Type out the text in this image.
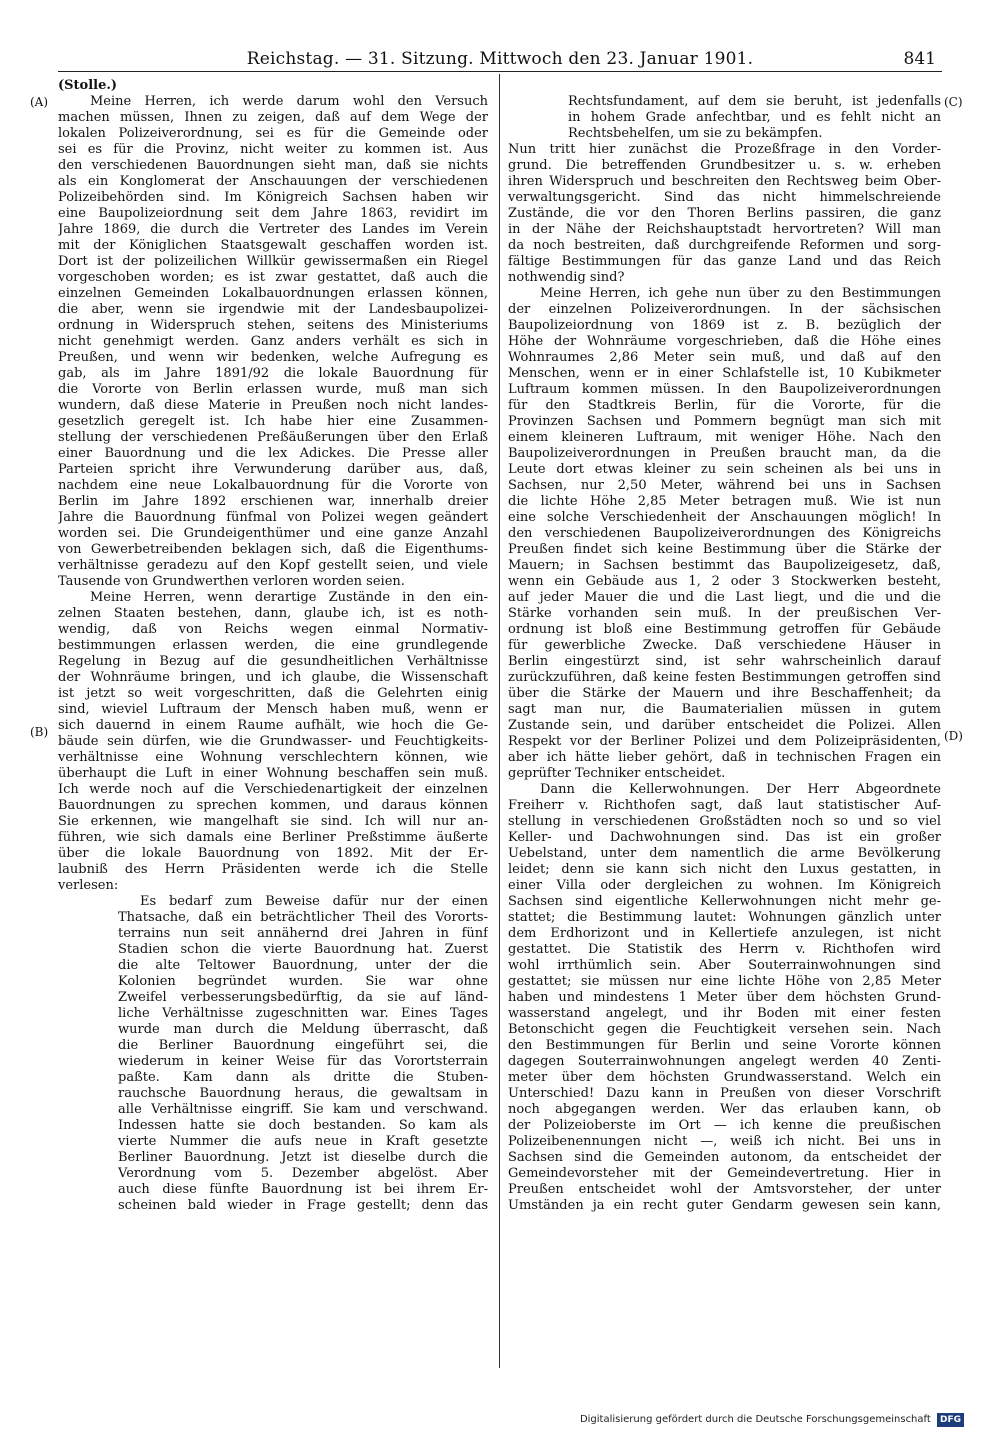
Reichstag. — 31. Sitzung. Mittwoch den 23. Januar 1901.	841
(A)
(B)
(C)
(D)
(Stolle.)
Meine Herren, ich werde darum wohl den Versuch
machen müssen, Ihnen zu zeigen, daß auf dem Wege der
lokalen Polizeiverordnung, sei es für die Gemeinde oder
sei es für die Provinz, nicht weiter zu kommen ist. Aus
den verschiedenen Bauordnungen sieht man, daß sie nichts
als ein Konglomerat der Anschauungen der verschiedenen
Polizeibehörden sind. Im Königreich Sachsen haben wir
eine Baupolizeiordnung seit dem Jahre 1863, revidirt im
Jahre 1869, die durch die Vertreter des Landes im Verein
mit der Königlichen Staatsgewalt geschaffen worden ist.
Dort ist der polizeilichen Willkür gewissermaßen ein Riegel
vorgeschoben worden; es ist zwar gestattet, daß auch die
einzelnen Gemeinden Lokalbauordnungen erlassen können,
die aber, wenn sie irgendwie mit der Landesbaupolizei-
ordnung in Widerspruch stehen, seitens des Ministeriums
nicht genehmigt werden. Ganz anders verhält es sich in
Preußen, und wenn wir bedenken, welche Aufregung es
gab, als im Jahre 1891/92 die lokale Bauordnung für
die Vororte von Berlin erlassen wurde, muß man sich
wundern, daß diese Materie in Preußen noch nicht landes-
gesetzlich geregelt ist. Ich habe hier eine Zusammen-
stellung der verschiedenen Preßäußerungen über den Erlaß
einer Bauordnung und die lex Adickes. Die Presse aller
Parteien spricht ihre Verwunderung darüber aus, daß,
nachdem eine neue Lokalbauordnung für die Vororte von
Berlin im Jahre 1892 erschienen war, innerhalb dreier
Jahre die Bauordnung fünfmal von Polizei wegen geändert
worden sei. Die Grundeigenthümer und eine ganze Anzahl
von Gewerbetreibenden beklagen sich, daß die Eigenthums-
verhältnisse geradezu auf den Kopf gestellt seien, und viele
Tausende von Grundwerthen verloren worden seien.
Meine Herren, wenn derartige Zustände in den ein-
zelnen Staaten bestehen, dann, glaube ich, ist es noth-
wendig, daß von Reichs wegen einmal Normativ-
bestimmungen erlassen werden, die eine grundlegende
Regelung in Bezug auf die gesundheitlichen Verhältnisse
der Wohnräume bringen, und ich glaube, die Wissenschaft
ist jetzt so weit vorgeschritten, daß die Gelehrten einig
sind, wieviel Luftraum der Mensch haben muß, wenn er
sich dauernd in einem Raume aufhält, wie hoch die Ge-
bäude sein dürfen, wie die Grundwasser- und Feuchtigkeits-
verhältnisse eine Wohnung verschlechtern können, wie
überhaupt die Luft in einer Wohnung beschaffen sein muß.
Ich werde noch auf die Verschiedenartigkeit der einzelnen
Bauordnungen zu sprechen kommen, und daraus können
Sie erkennen, wie mangelhaft sie sind. Ich will nur an-
führen, wie sich damals eine Berliner Preßstimme äußerte
über die lokale Bauordnung von 1892. Mit der Er-
laubniß des Herrn Präsidenten werde ich die Stelle
verlesen:
Es bedarf zum Beweise dafür nur der einen
Thatsache, daß ein beträchtlicher Theil des Vororts-
terrains nun seit annähernd drei Jahren in fünf
Stadien schon die vierte Bauordnung hat. Zuerst
die alte Teltower Bauordnung, unter der die
Kolonien begründet wurden. Sie war ohne
Zweifel verbesserungsbedürftig, da sie auf länd-
liche Verhältnisse zugeschnitten war. Eines Tages
wurde man durch die Meldung überrascht, daß
die Berliner Bauordnung eingeführt sei, die
wiederum in keiner Weise für das Vorortsterrain
paßte. Kam dann als dritte die Stuben-
rauchsche Bauordnung heraus, die gewaltsam in
alle Verhältnisse eingriff. Sie kam und verschwand.
Indessen hatte sie doch bestanden. So kam als
vierte Nummer die aufs neue in Kraft gesetzte
Berliner Bauordnung. Jetzt ist dieselbe durch die
Verordnung vom 5. Dezember abgelöst. Aber
auch diese fünfte Bauordnung ist bei ihrem Er-
scheinen bald wieder in Frage gestellt; denn das
Rechtsfundament, auf dem sie beruht, ist jedenfalls
in hohem Grade anfechtbar, und es fehlt nicht an
Rechtsbehelfen, um sie zu bekämpfen.
Nun tritt hier zunächst die Prozeßfrage in den Vorder-
grund. Die betreffenden Grundbesitzer u. s. w. erheben
ihren Widerspruch und beschreiten den Rechtsweg beim Ober-
verwaltungsgericht. Sind das nicht himmelschreiende
Zustände, die vor den Thoren Berlins passiren, die ganz
in der Nähe der Reichshauptstadt hervortreten? Will man
da noch bestreiten, daß durchgreifende Reformen und sorg-
fältige Bestimmungen für das ganze Land und das Reich
nothwendig sind?
Meine Herren, ich gehe nun über zu den Bestimmungen
der einzelnen Polizeiverordnungen. In der sächsischen
Baupolizeiordnung von 1869 ist z. B. bezüglich der
Höhe der Wohnräume vorgeschrieben, daß die Höhe eines
Wohnraumes 2,86 Meter sein muß, und daß auf den
Menschen, wenn er in einer Schlafstelle ist, 10 Kubikmeter
Luftraum kommen müssen. In den Baupolizeiverordnungen
für den Stadtkreis Berlin, für die Vororte, für die
Provinzen Sachsen und Pommern begnügt man sich mit
einem kleineren Luftraum, mit weniger Höhe. Nach den
Baupolizeiverordnungen in Preußen braucht man, da die
Leute dort etwas kleiner zu sein scheinen als bei uns in
Sachsen, nur 2,50 Meter, während bei uns in Sachsen
die lichte Höhe 2,85 Meter betragen muß. Wie ist nun
eine solche Verschiedenheit der Anschauungen möglich! In
den verschiedenen Baupolizeiverordnungen des Königreichs
Preußen findet sich keine Bestimmung über die Stärke der
Mauern; in Sachsen bestimmt das Baupolizeigesetz, daß,
wenn ein Gebäude aus 1, 2 oder 3 Stockwerken besteht,
auf jeder Mauer die und die Last liegt, und die und die
Stärke vorhanden sein muß. In der preußischen Ver-
ordnung ist bloß eine Bestimmung getroffen für Gebäude
für gewerbliche Zwecke. Daß verschiedene Häuser in
Berlin eingestürzt sind, ist sehr wahrscheinlich darauf
zurückzuführen, daß keine festen Bestimmungen getroffen sind
über die Stärke der Mauern und ihre Beschaffenheit; da
sagt man nur, die Baumaterialien müssen in gutem
Zustande sein, und darüber entscheidet die Polizei. Allen
Respekt vor der Berliner Polizei und dem Polizeipräsidenten,
aber ich hätte lieber gehört, daß in technischen Fragen ein
geprüfter Techniker entscheidet.
Dann die Kellerwohnungen. Der Herr Abgeordnete
Freiherr v. Richthofen sagt, daß laut statistischer Auf-
stellung in verschiedenen Großstädten noch so und so viel
Keller- und Dachwohnungen sind. Das ist ein großer
Uebelstand, unter dem namentlich die arme Bevölkerung
leidet; denn sie kann sich nicht den Luxus gestatten, in
einer Villa oder dergleichen zu wohnen. Im Königreich
Sachsen sind eigentliche Kellerwohnungen nicht mehr ge-
stattet; die Bestimmung lautet: Wohnungen gänzlich unter
dem Erdhorizont und in Kellertiefe anzulegen, ist nicht
gestattet. Die Statistik des Herrn v. Richthofen wird
wohl irrthümlich sein. Aber Souterrainwohnungen sind
gestattet; sie müssen nur eine lichte Höhe von 2,85 Meter
haben und mindestens 1 Meter über dem höchsten Grund-
wasserstand angelegt, und ihr Boden mit einer festen
Betonschicht gegen die Feuchtigkeit versehen sein. Nach
den Bestimmungen für Berlin und seine Vororte können
dagegen Souterrainwohnungen angelegt werden 40 Zenti-
meter über dem höchsten Grundwasserstand. Welch ein
Unterschied! Dazu kann in Preußen von dieser Vorschrift
noch abgegangen werden. Wer das erlauben kann, ob
der Polizeioberste im Ort — ich kenne die preußischen
Polizeibenennungen nicht —, weiß ich nicht. Bei uns in
Sachsen sind die Gemeinden autonom, da entscheidet der
Gemeindevorsteher mit der Gemeindevertretung. Hier in
Preußen entscheidet wohl der Amtsvorsteher, der unter
Umständen ja ein recht guter Gendarm gewesen sein kann,
Digitalisierung gefördert durch die Deutsche Forschungsgemeinschaft DFG
